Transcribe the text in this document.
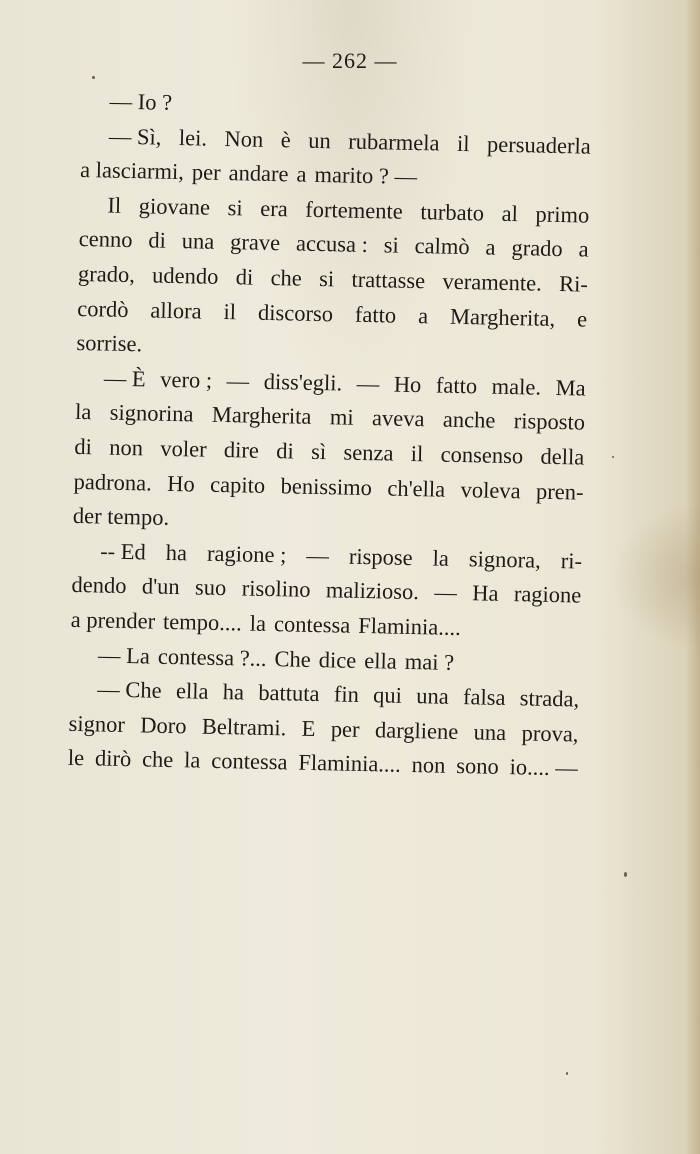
— 262 —
— Io ?
— Sì, lei. Non è un rubarmela il persuaderla
a lasciarmi, per andare a marito ? —
Il giovane si era fortemente turbato al primo
cenno di una grave accusa : si calmò a grado a
grado, udendo di che si trattasse veramente. Ri-
cordò allora il discorso fatto a Margherita, e
sorrise.
— È vero ; — diss'egli. — Ho fatto male. Ma
la signorina Margherita mi aveva anche risposto
di non voler dire di sì senza il consenso della
padrona. Ho capito benissimo ch'ella voleva pren-
der tempo.
-- Ed ha ragione ; — rispose la signora, ri-
dendo d'un suo risolino malizioso. — Ha ragione
a prender tempo.... la contessa Flaminia....
— La contessa ?... Che dice ella mai ?
— Che ella ha battuta fin qui una falsa strada,
signor Doro Beltrami. E per dargliene una prova,
le dirò che la contessa Flaminia.... non sono io.... —
